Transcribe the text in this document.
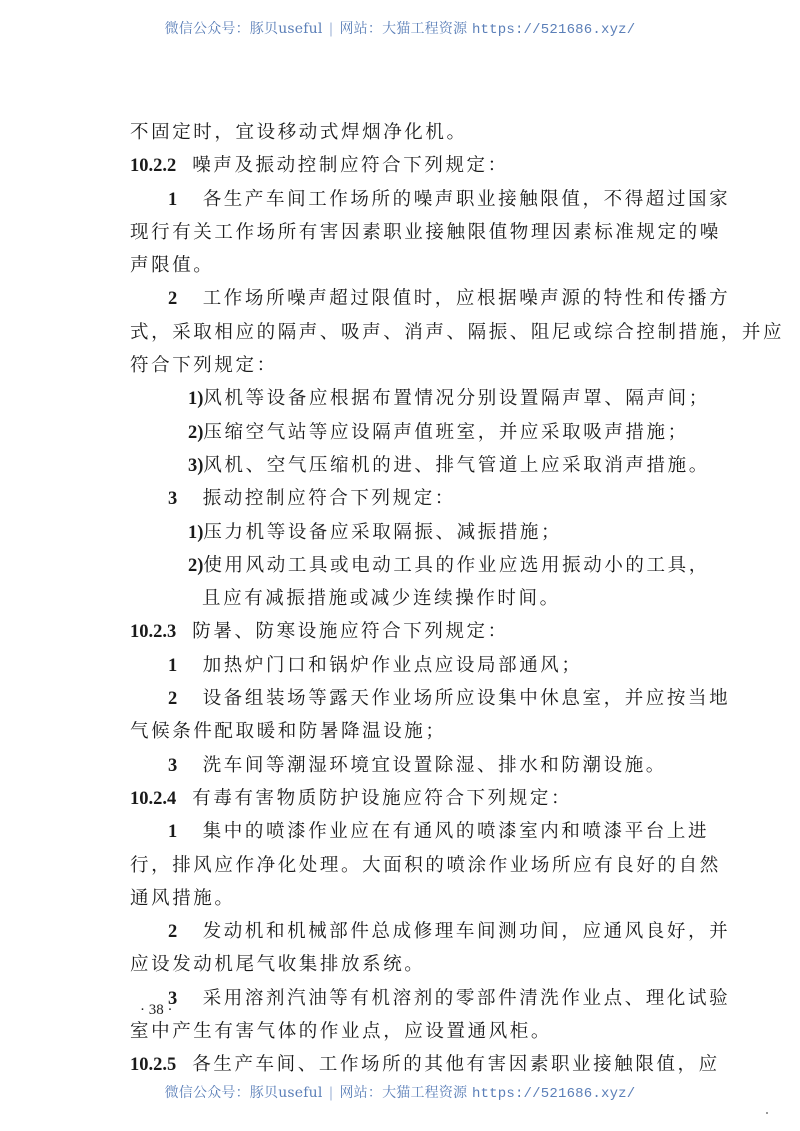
微信公众号：豚贝useful | 网站：大猫工程资源 https://521686.xyz/
不固定时，宜设移动式焊烟净化机。
10.2.2 噪声及振动控制应符合下列规定：
1 各生产车间工作场所的噪声职业接触限值，不得超过国家
现行有关工作场所有害因素职业接触限值物理因素标准规定的噪
声限值。
2 工作场所噪声超过限值时，应根据噪声源的特性和传播方
式，采取相应的隔声、吸声、消声、隔振、阻尼或综合控制措施，并应
符合下列规定：
1)风机等设备应根据布置情况分别设置隔声罩、隔声间；
2)压缩空气站等应设隔声值班室，并应采取吸声措施；
3)风机、空气压缩机的进、排气管道上应采取消声措施。
3 振动控制应符合下列规定：
1)压力机等设备应采取隔振、减振措施；
2)使用风动工具或电动工具的作业应选用振动小的工具，
且应有减振措施或减少连续操作时间。
10.2.3 防暑、防寒设施应符合下列规定：
1 加热炉门口和锅炉作业点应设局部通风；
2 设备组装场等露天作业场所应设集中休息室，并应按当地
气候条件配取暖和防暑降温设施；
3 洗车间等潮湿环境宜设置除湿、排水和防潮设施。
10.2.4 有毒有害物质防护设施应符合下列规定：
1 集中的喷漆作业应在有通风的喷漆室内和喷漆平台上进
行，排风应作净化处理。大面积的喷涂作业场所应有良好的自然
通风措施。
2 发动机和机械部件总成修理车间测功间，应通风良好，并
应设发动机尾气收集排放系统。
3 采用溶剂汽油等有机溶剂的零部件清洗作业点、理化试验
室中产生有害气体的作业点，应设置通风柜。
10.2.5 各生产车间、工作场所的其他有害因素职业接触限值，应
· 38 ·
微信公众号：豚贝useful | 网站：大猫工程资源 https://521686.xyz/
